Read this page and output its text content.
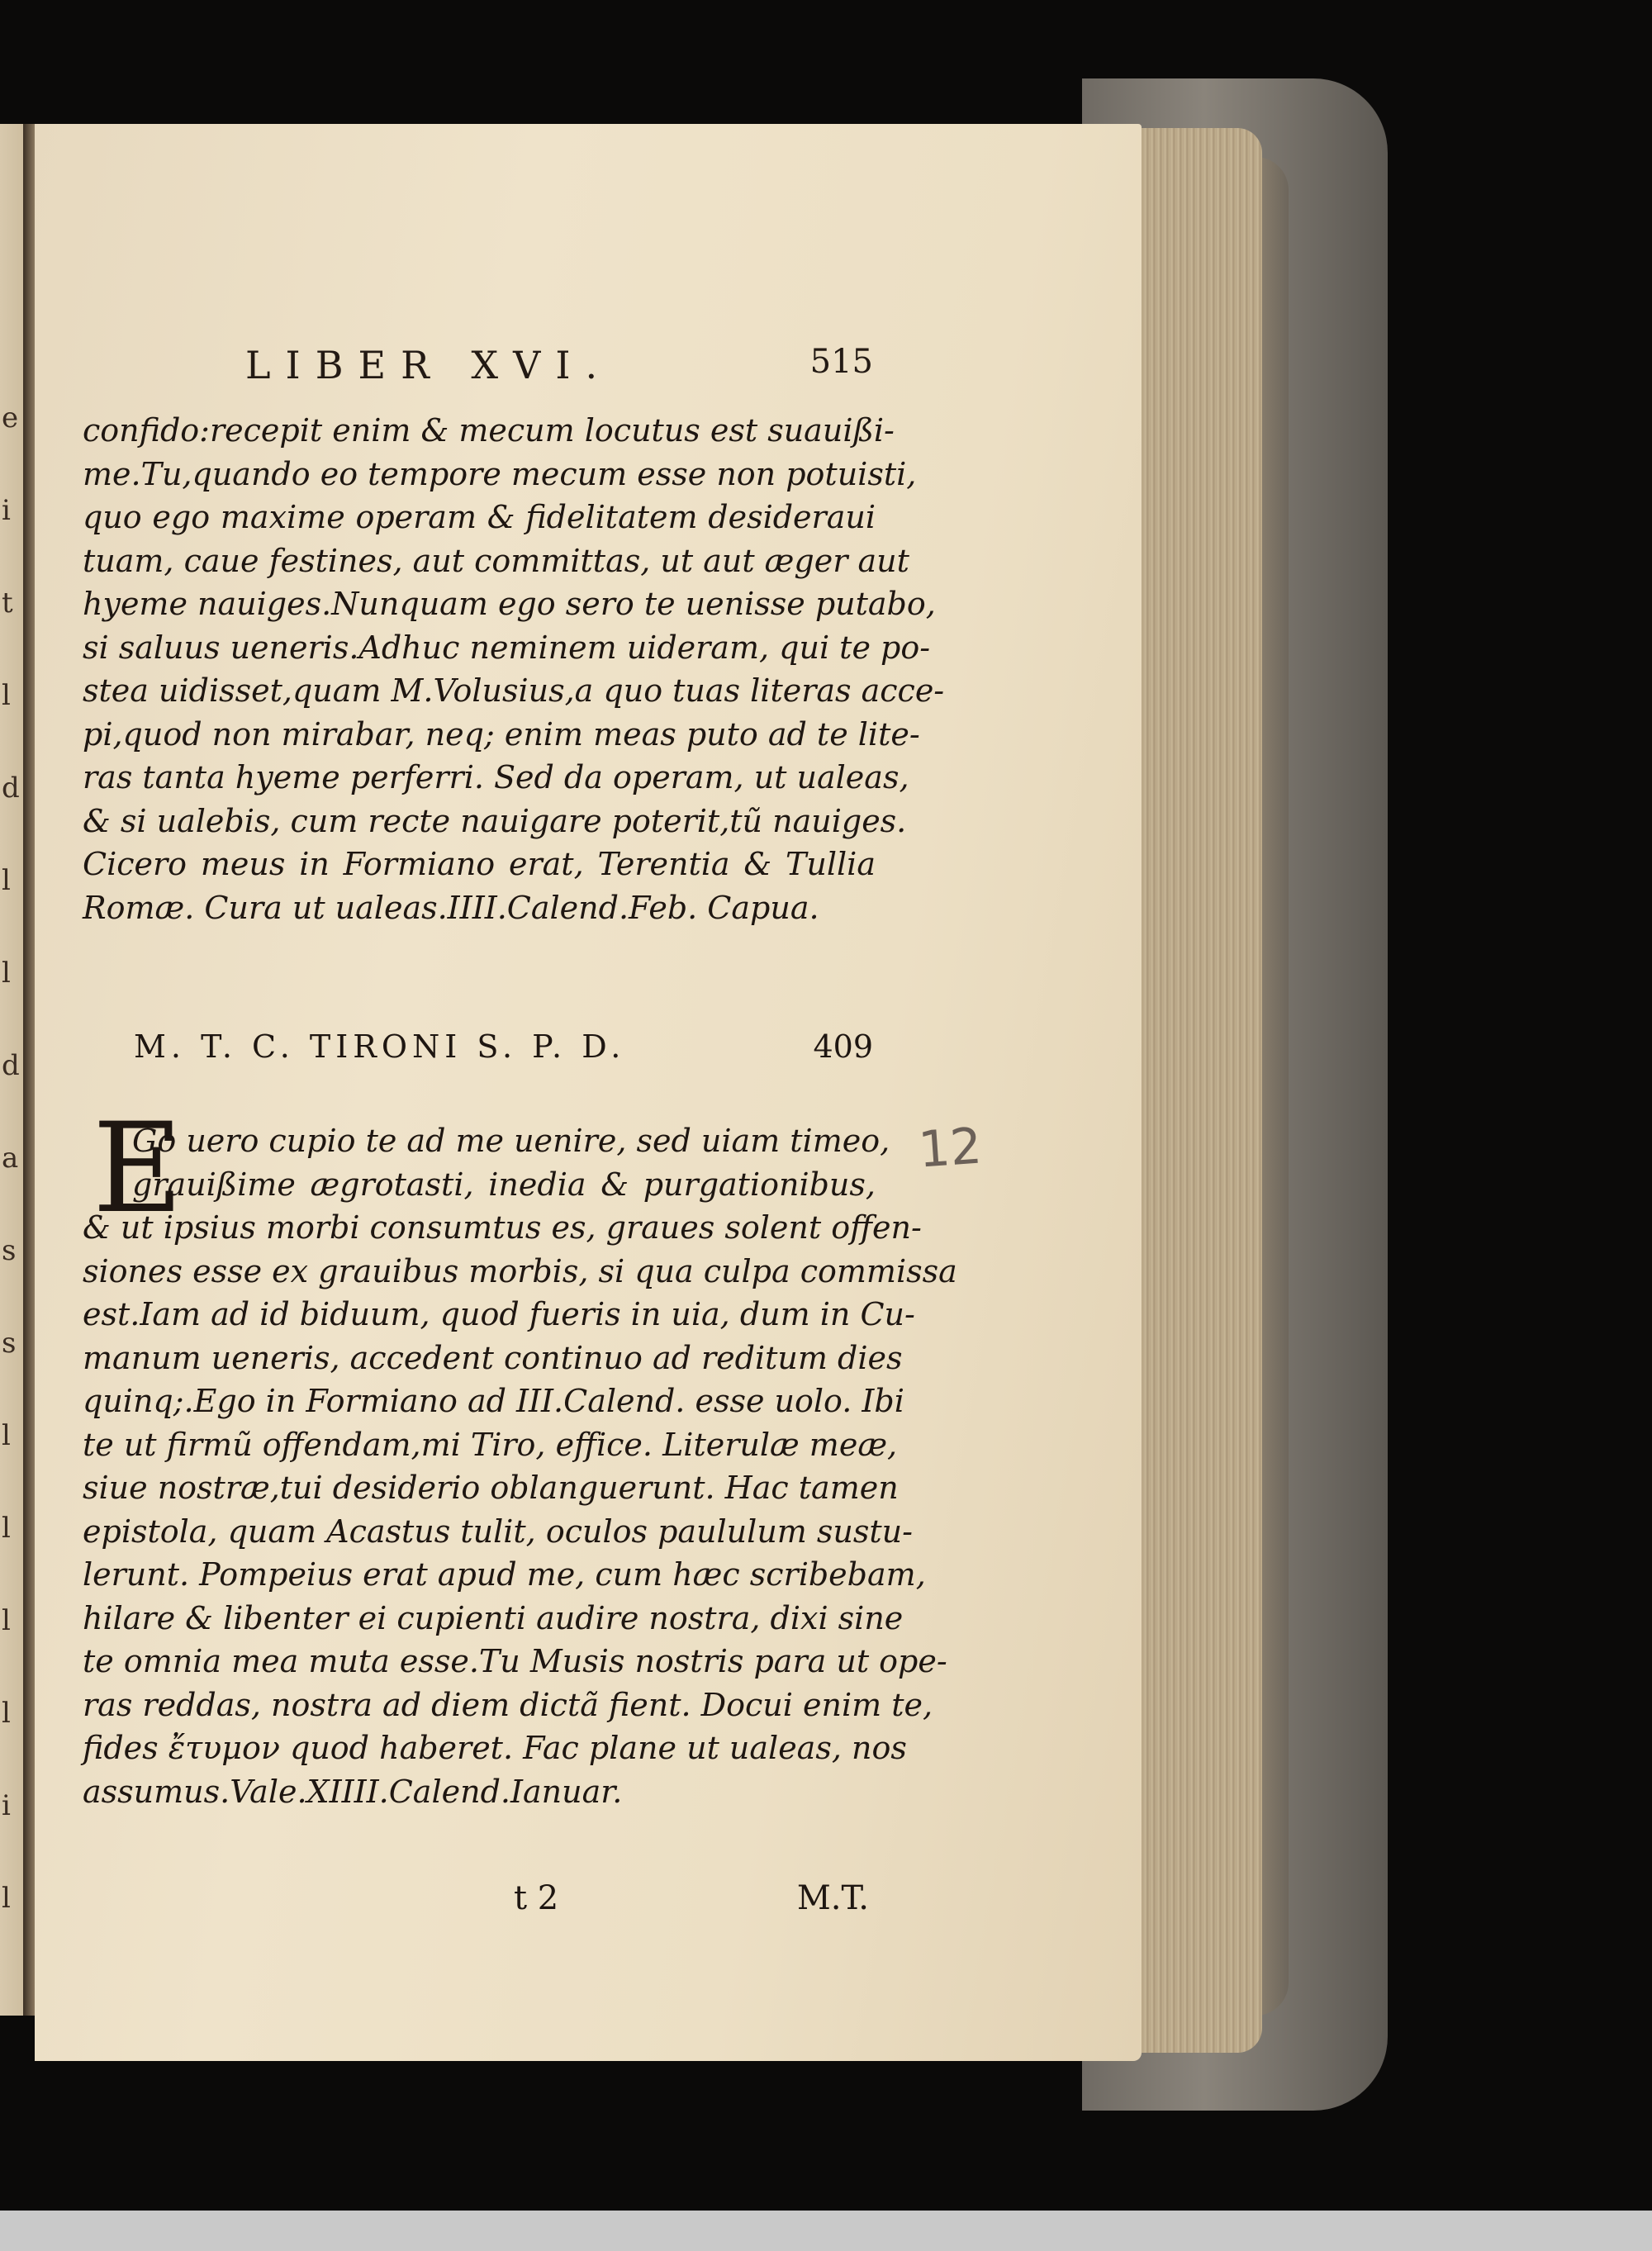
e
i
t
l
d
l
l
d
a
s
s
l
l
l
l
i
l
LIBER XVI.	515
confido:recepit enim & mecum locutus est suauißi-
me.Tu,quando eo tempore mecum esse non potuisti,
quo ego maxime operam & fidelitatem desideraui
tuam, caue festines, aut committas, ut aut æger aut
hyeme nauiges.Nunquam ego sero te uenisse putabo,
si saluus ueneris.Adhuc neminem uideram, qui te po-
stea uidisset,quam M.Volusius,a quo tuas literas acce-
pi,quod non mirabar, neq; enim meas puto ad te lite-
ras tanta hyeme perferri. Sed da operam, ut ualeas,
& si ualebis, cum recte nauigare poterit,tũ nauiges.
Cicero meus in Formiano erat, Terentia & Tullia
Romæ. Cura ut ualeas.IIII.Calend.Feb. Capua.
M. T. C. TIRONI S. P. D.	409
E
Go uero cupio te ad me uenire, sed uiam timeo,
grauißime ægrotasti, inedia & purgationibus,
& ut ipsius morbi consumtus es, graues solent offen-
siones esse ex grauibus morbis, si qua culpa commissa
est.Iam ad id biduum, quod fueris in uia, dum in Cu-
manum ueneris, accedent continuo ad reditum dies
quinq;.Ego in Formiano ad III.Calend. esse uolo. Ibi
te ut firmũ offendam,mi Tiro, effice. Literulæ meæ,
siue nostræ,tui desiderio oblanguerunt. Hac tamen
epistola, quam Acastus tulit, oculos paululum sustu-
lerunt. Pompeius erat apud me, cum hæc scribebam,
hilare & libenter ei cupienti audire nostra, dixi sine
te omnia mea muta esse.Tu Musis nostris para ut ope-
ras reddas, nostra ad diem dictã fient. Docui enim te,
fides ἔτυμον quod haberet. Fac plane ut ualeas, nos
assumus.Vale.XIIII.Calend.Ianuar.
t 2	M.T.
12
